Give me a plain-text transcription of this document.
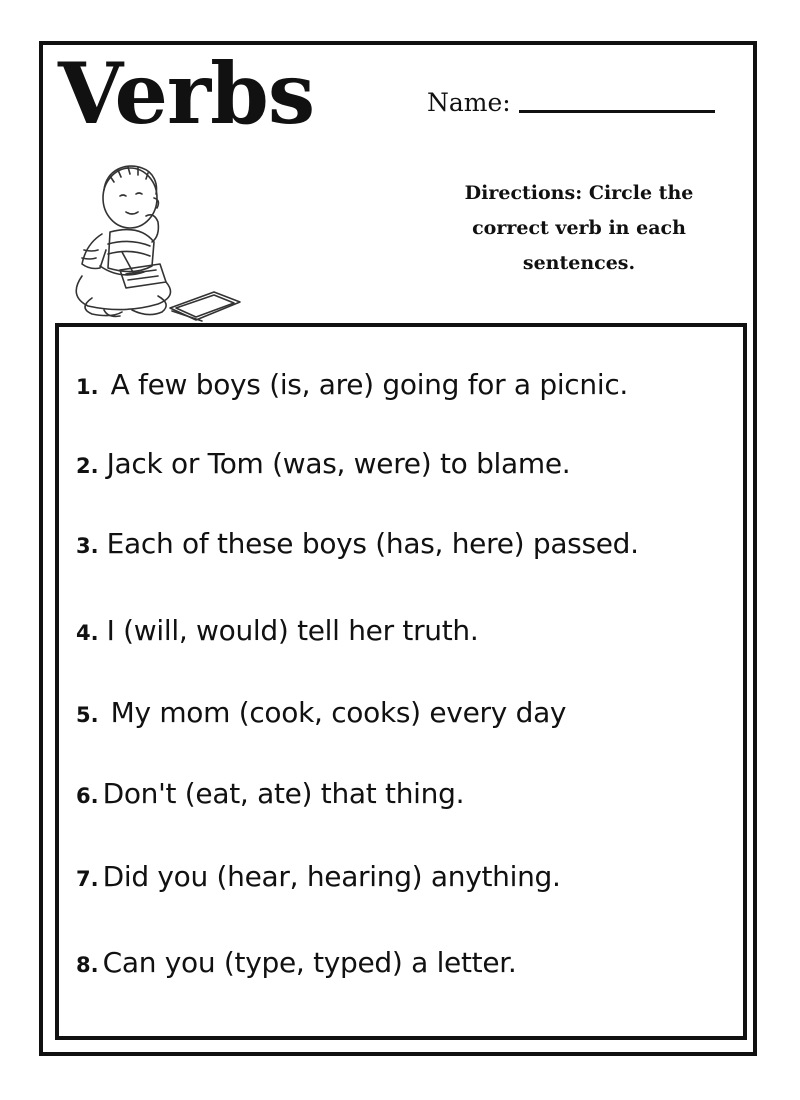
Verbs	Name:
Directions: Circle the
correct verb in each
sentences.
1. A few boys (is, are) going for a picnic.
2. Jack or Tom (was, were) to blame.
3. Each of these boys (has, here) passed.
4. I (will, would) tell her truth.
5. My mom (cook, cooks) every day
6. Don't (eat, ate) that thing.
7. Did you (hear, hearing) anything.
8. Can you (type, typed) a letter.
